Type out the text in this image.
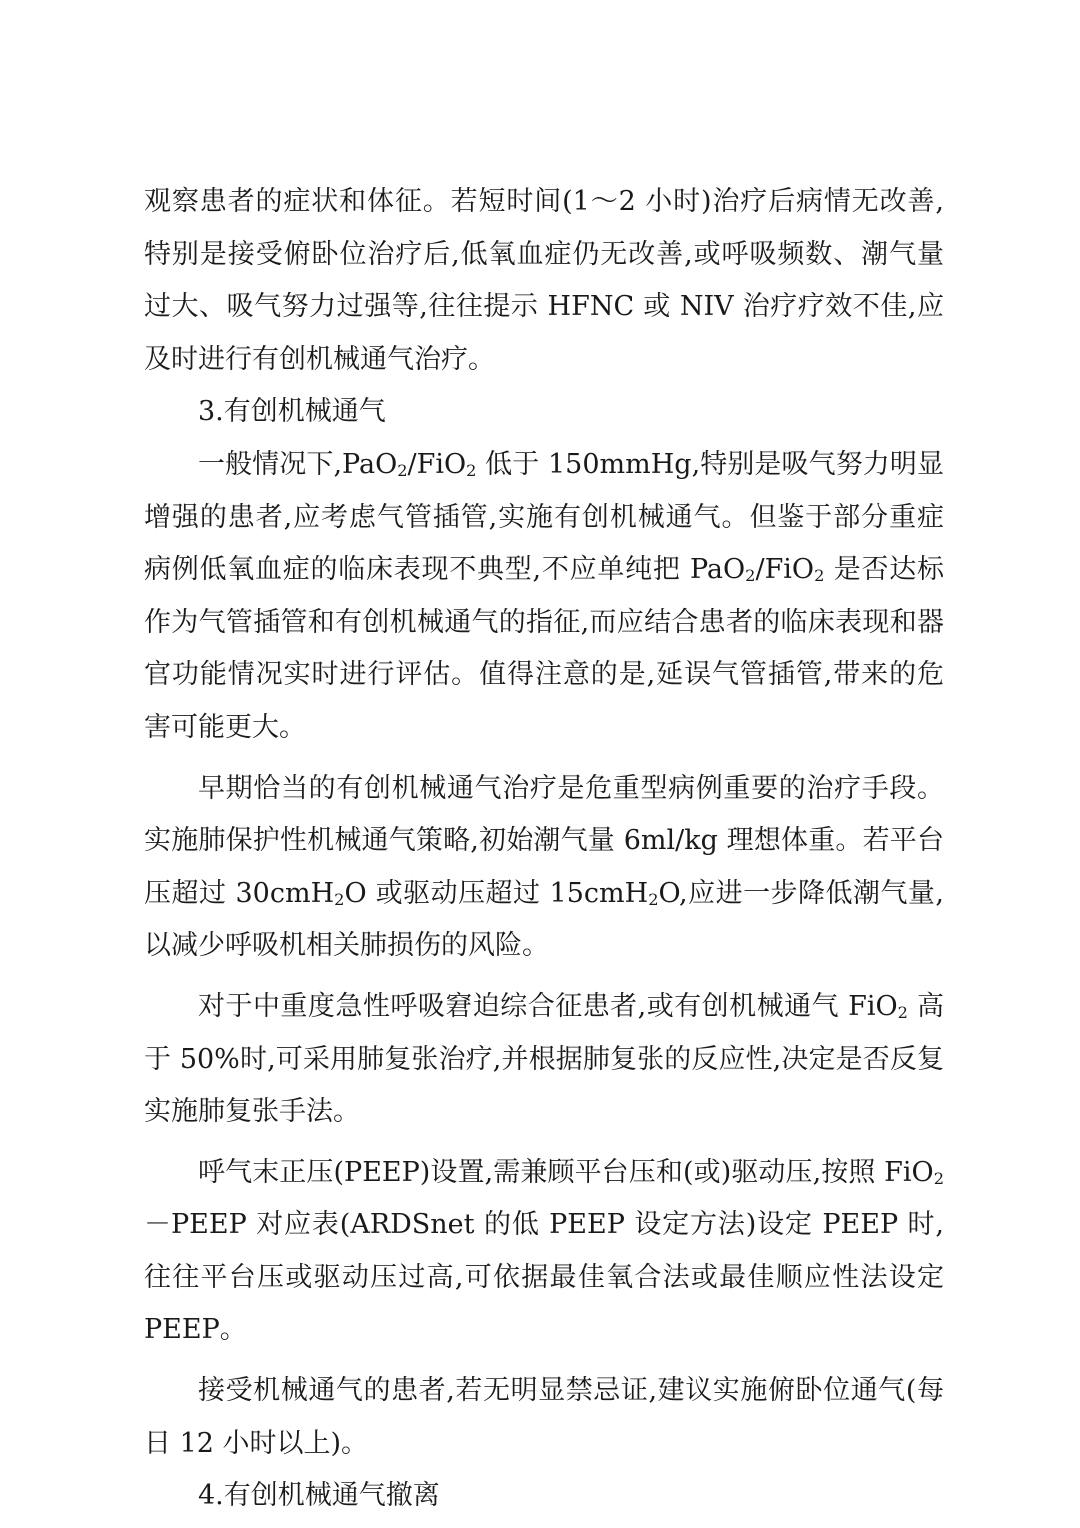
观察患者的症状和体征。若短时间(1～2 小时)治疗后病情无改善,特别是接受俯卧位治疗后,低氧血症仍无改善,或呼吸频数、潮气量过大、吸气努力过强等,往往提示 HFNC 或 NIV 治疗疗效不佳,应及时进行有创机械通气治疗。

3.有创机械通气

一般情况下,PaO$_2$/FiO$_2$ 低于 150mmHg,特别是吸气努力明显增强的患者,应考虑气管插管,实施有创机械通气。但鉴于部分重症病例低氧血症的临床表现不典型,不应单纯把 PaO$_2$/FiO$_2$ 是否达标作为气管插管和有创机械通气的指征,而应结合患者的临床表现和器官功能情况实时进行评估。值得注意的是,延误气管插管,带来的危害可能更大。

早期恰当的有创机械通气治疗是危重型病例重要的治疗手段。实施肺保护性机械通气策略,初始潮气量 6ml/kg 理想体重。若平台压超过 30cmH$_2$O 或驱动压超过 15cmH$_2$O,应进一步降低潮气量,以减少呼吸机相关肺损伤的风险。

对于中重度急性呼吸窘迫综合征患者,或有创机械通气 FiO$_2$ 高于 50%时,可采用肺复张治疗,并根据肺复张的反应性,决定是否反复实施肺复张手法。

呼气末正压(PEEP)设置,需兼顾平台压和(或)驱动压,按照 FiO$_2$－PEEP 对应表(ARDSnet 的低 PEEP 设定方法)设定 PEEP 时,往往平台压或驱动压过高,可依据最佳氧合法或最佳顺应性法设定 PEEP。

接受机械通气的患者,若无明显禁忌证,建议实施俯卧位通气(每日 12 小时以上)。

4.有创机械通气撤离
